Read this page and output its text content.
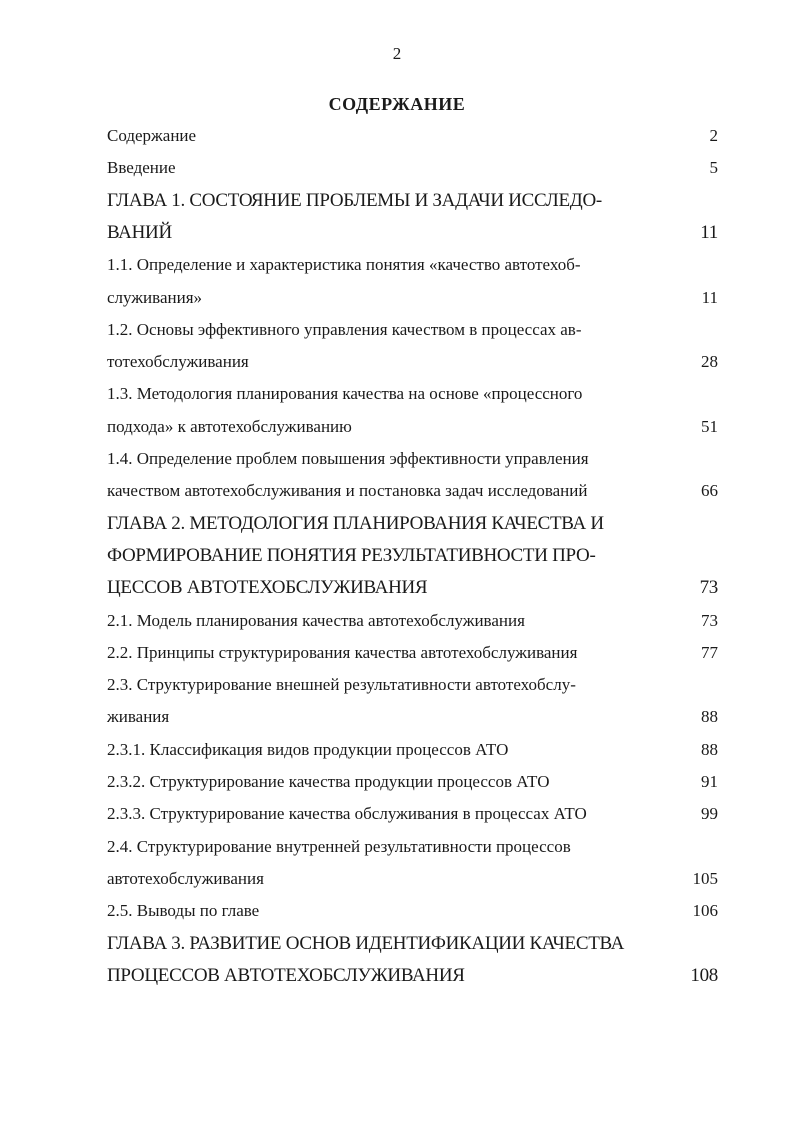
2
СОДЕРЖАНИЕ
Содержание	2
Введение	5
ГЛАВА 1. СОСТОЯНИЕ ПРОБЛЕМЫ И ЗАДАЧИ ИССЛЕДО-
ВАНИЙ	11
1.1. Определение и характеристика понятия «качество автотехоб-
служивания»	11
1.2. Основы эффективного управления качеством в процессах ав-
тотехобслуживания	28
1.3. Методология планирования качества на основе «процессного
подхода» к автотехобслуживанию	51
1.4. Определение проблем повышения эффективности управления
качеством автотехобслуживания и постановка задач исследований	66
ГЛАВА 2. МЕТОДОЛОГИЯ ПЛАНИРОВАНИЯ КАЧЕСТВА И
ФОРМИРОВАНИЕ ПОНЯТИЯ РЕЗУЛЬТАТИВНОСТИ ПРО-
ЦЕССОВ АВТОТЕХОБСЛУЖИВАНИЯ	73
2.1. Модель планирования качества автотехобслуживания	73
2.2. Принципы структурирования качества автотехобслуживания	77
2.3. Структурирование внешней результативности автотехобслу-
живания	88
2.3.1. Классификация видов продукции процессов АТО	88
2.3.2. Структурирование качества продукции процессов АТО	91
2.3.3. Структурирование качества обслуживания в процессах АТО	99
2.4. Структурирование внутренней результативности процессов
автотехобслуживания	105
2.5. Выводы по главе	106
ГЛАВА 3. РАЗВИТИЕ ОСНОВ ИДЕНТИФИКАЦИИ КАЧЕСТВА
ПРОЦЕССОВ АВТОТЕХОБСЛУЖИВАНИЯ	108
